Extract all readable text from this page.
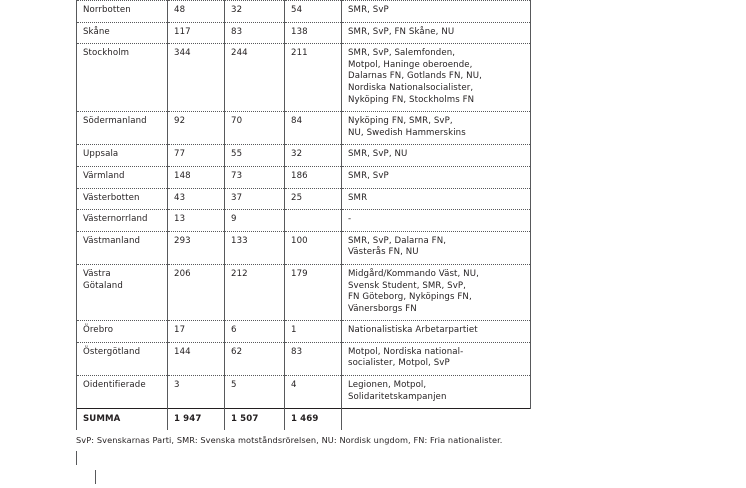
Norrbotten	48	32	54	SMR, SvP

Skåne	117	83	138	SMR, SvP, FN Skåne, NU

Stockholm	344	244	211	SMR, SvP, Salemfonden,
Motpol, Haninge oberoende,
Dalarnas FN, Gotlands FN, NU,
Nordiska Nationalsocialister,
Nyköping FN, Stockholms FN

Södermanland	92	70	84	Nyköping FN, SMR, SvP,
NU, Swedish Hammerskins

Uppsala	77	55	32	SMR, SvP, NU

Värmland	148	73	186	SMR, SvP

Västerbotten	43	37	25	SMR

Västernorrland	13	9		-

Västmanland	293	133	100	SMR, SvP, Dalarna FN,
Västerås FN, NU

Västra
Götaland	206	212	179	Midgård/Kommando Väst, NU,
Svensk Student, SMR, SvP,
FN Göteborg, Nyköpings FN,
Vänersborgs FN

Örebro	17	6	1	Nationalistiska Arbetarpartiet

Östergötland	144	62	83	Motpol, Nordiska national-
socialister, Motpol, SvP

Oidentifierade	3	5	4	Legionen, Motpol,
Solidaritetskampanjen

SUMMA	1 947	1 507	1 469	
SvP: Svenskarnas Parti, SMR: Svenska motståndsrörelsen, NU: Nordisk ungdom, FN: Fria nationalister.
